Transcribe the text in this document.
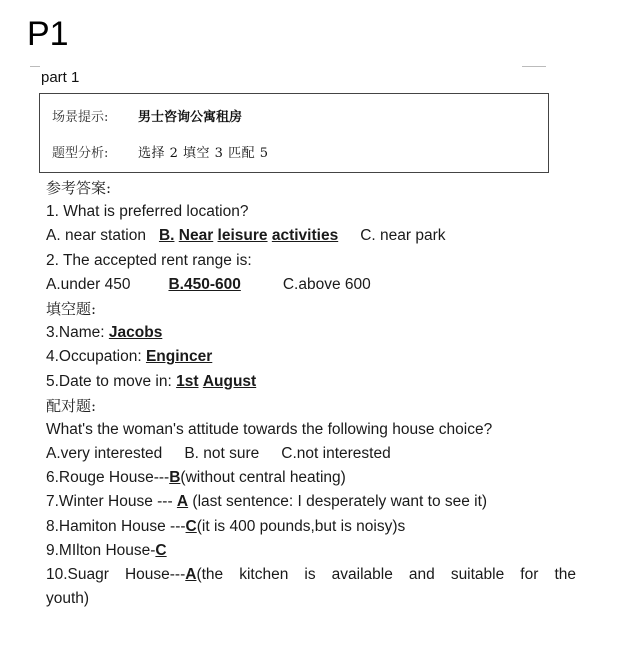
P1
part 1
场景提示: 男士咨询公寓租房
题型分析: 选择 2 填空 3 匹配 5
参考答案:
1. What is preferred location?
A. near station B. Near leisure activities C. near park
2. The accepted rent range is:
A.under 450 B.450-600	C.above 600
填空题:
3.Name: Jacobs
4.Occupation: Engincer
5.Date to move in: 1st August
配对题:
What's the woman's attitude towards the following house choice?
A.very interested B. not sure C.not interested
6.Rouge House---B(without central heating)
7.Winter House --- A (last sentence: I desperately want to see it)
8.Hamiton House ---C(it is 400 pounds,but is noisy)s
9.MIlton House-C
10.Suagr House---A(the kitchen is available and suitable for the
youth)
